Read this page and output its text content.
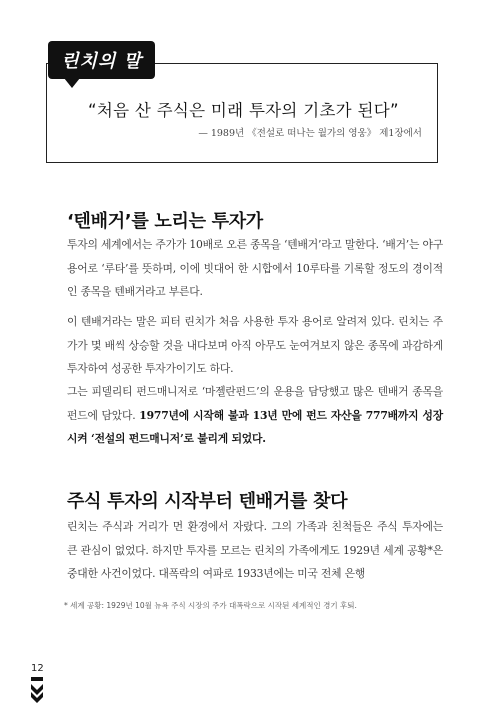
린치의 말
“처음 산 주식은 미래 투자의 기초가 된다”
— 1989년 《전설로 떠나는 월가의 영웅》 제1장에서
‘텐배거’를 노리는 투자가

투자의 세계에서는 주가가 10배로 오른 종목을 ‘텐배거’라고 말한다. ‘배거’는 야구 용어로 ‘루타’를 뜻하며, 이에 빗대어 한 시합에서 10루타를 기록할 정도의 경이적인 종목을 텐배거라고 부른다.

이 텐배거라는 말은 피터 린치가 처음 사용한 투자 용어로 알려져 있다. 린치는 주가가 몇 배씩 상승할 것을 내다보며 아직 아무도 눈여겨보지 않은 종목에 과감하게 투자하여 성공한 투자가이기도 하다.

그는 피델리티 펀드매니저로 ‘마젤란펀드’의 운용을 담당했고 많은 텐배거 종목을 펀드에 담았다. 1977년에 시작해 불과 13년 만에 펀드 자산을 777배까지 성장시켜 ‘전설의 펀드매니저’로 불리게 되었다.

주식 투자의 시작부터 텐배거를 찾다

린치는 주식과 거리가 먼 환경에서 자랐다. 그의 가족과 친척들은 주식 투자에는 큰 관심이 없었다. 하지만 투자를 모르는 린치의 가족에게도 1929년 세계 공황*은 중대한 사건이었다. 대폭락의 여파로 1933년에는 미국 전체 은행

* 세계 공황: 1929년 10월 뉴욕 주식 시장의 주가 대폭락으로 시작된 세계적인 경기 후퇴.

12
